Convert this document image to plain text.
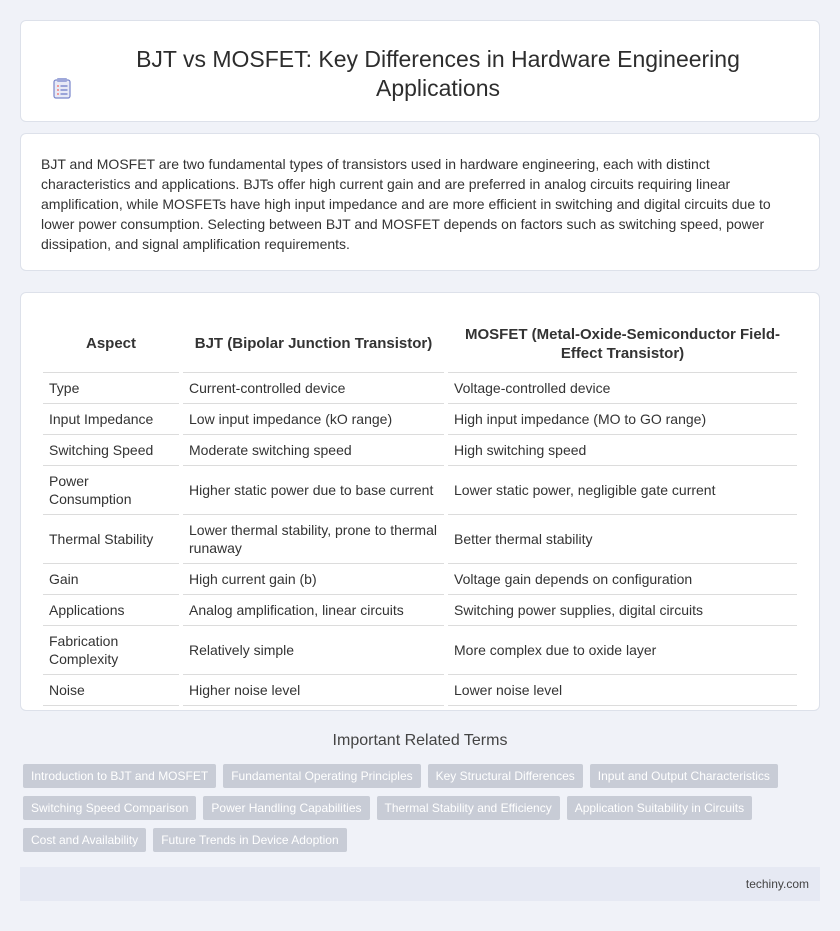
BJT vs MOSFET: Key Differences in Hardware Engineering Applications

BJT and MOSFET are two fundamental types of transistors used in hardware engineering, each with distinct characteristics and applications. BJTs offer high current gain and are preferred in analog circuits requiring linear amplification, while MOSFETs have high input impedance and are more efficient in switching and digital circuits due to lower power consumption. Selecting between BJT and MOSFET depends on factors such as switching speed, power dissipation, and signal amplification requirements.

Aspect	BJT (Bipolar Junction Transistor)	MOSFET (Metal-Oxide-Semiconductor Field-Effect Transistor)
Type	Current-controlled device	Voltage-controlled device
Input Impedance	Low input impedance (kO range)	High input impedance (MO to GO range)
Switching Speed	Moderate switching speed	High switching speed
Power Consumption	Higher static power due to base current	Lower static power, negligible gate current
Thermal Stability	Lower thermal stability, prone to thermal runaway	Better thermal stability
Gain	High current gain (b)	Voltage gain depends on configuration
Applications	Analog amplification, linear circuits	Switching power supplies, digital circuits
Fabrication Complexity	Relatively simple	More complex due to oxide layer
Noise	Higher noise level	Lower noise level
Important Related Terms
Introduction to BJT and MOSFET	Fundamental Operating Principles	Key Structural Differences	Input and Output Characteristics
Switching Speed Comparison	Power Handling Capabilities	Thermal Stability and Efficiency	Application Suitability in Circuits
Cost and Availability	Future Trends in Device Adoption
techiny.com
